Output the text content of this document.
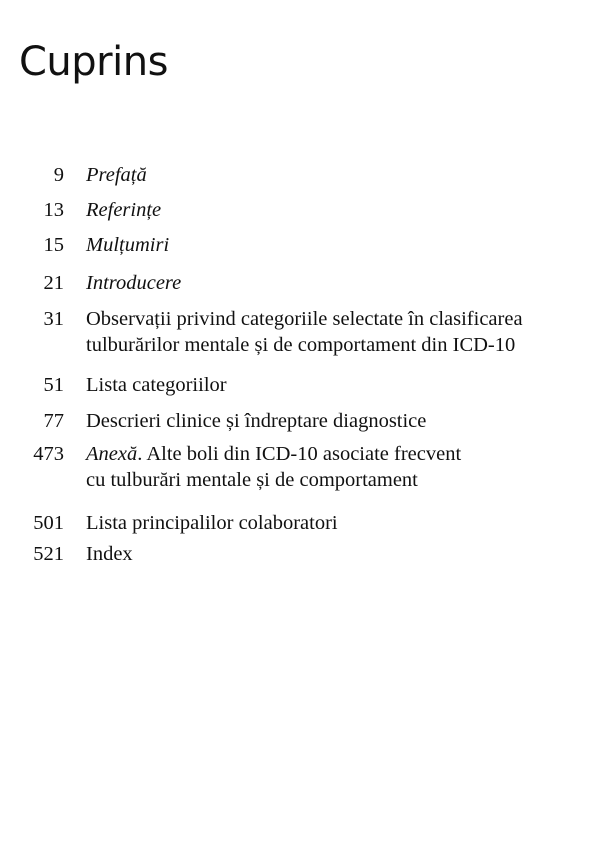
Cuprins
9 Prefață
13 Referințe
15 Mulțumiri
21 Introducere
31 Observații privind categoriile selectate în clasificarea
tulburărilor mentale și de comportament din ICD-10
51 Lista categoriilor
77 Descrieri clinice și îndreptare diagnostice
473 Anexă. Alte boli din ICD-10 asociate frecvent
cu tulburări mentale și de comportament
501 Lista principalilor colaboratori
521 Index
